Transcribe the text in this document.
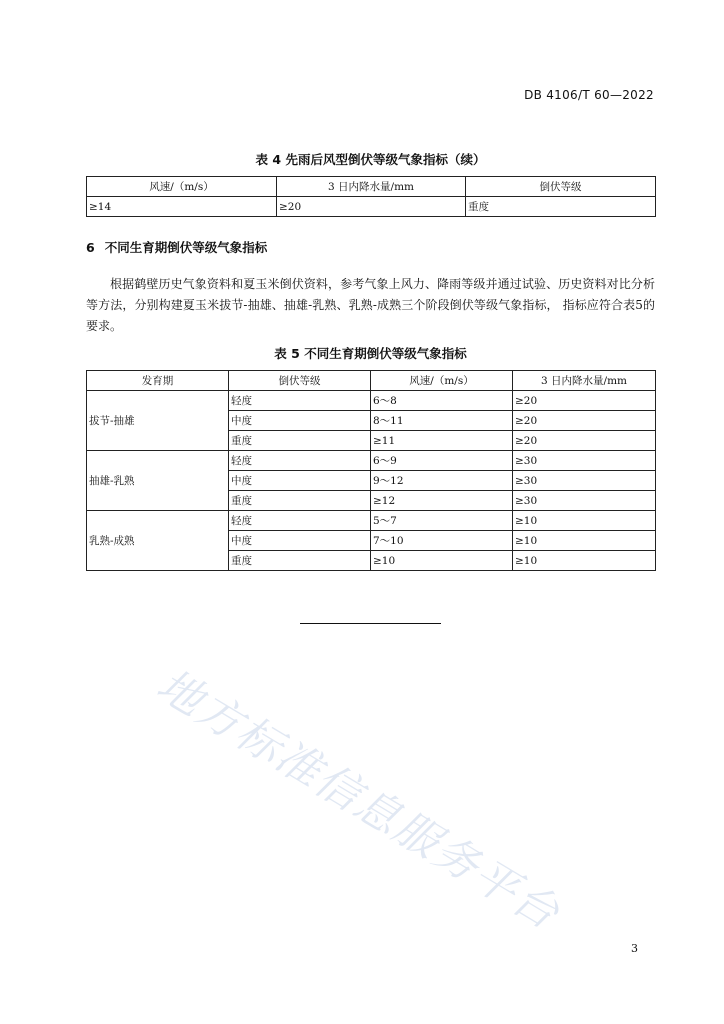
DB 4106/T 60—2022
表 4 先雨后风型倒伏等级气象指标（续）
风速/（m/s）	3 日内降水量/mm	倒伏等级
≥14	≥20	重度
6 不同生育期倒伏等级气象指标
根据鹤壁历史气象资料和夏玉米倒伏资料，参考气象上风力、降雨等级并通过试验、历史资料对比分析等方法，分别构建夏玉米拔节-抽雄、抽雄-乳熟、乳熟-成熟三个阶段倒伏等级气象指标， 指标应符合表5的要求。
表 5 不同生育期倒伏等级气象指标
发育期	倒伏等级	风速/（m/s）	3 日内降水量/mm
拔节-抽雄	轻度	6～8	≥20
	中度	8～11	≥20
	重度	≥11	≥20
抽雄-乳熟	轻度	6～9	≥30
	中度	9～12	≥30
	重度	≥12	≥30
乳熟-成熟	轻度	5～7	≥10
	中度	7～10	≥10
	重度	≥10	≥10
地方标准信息服务平台
3
